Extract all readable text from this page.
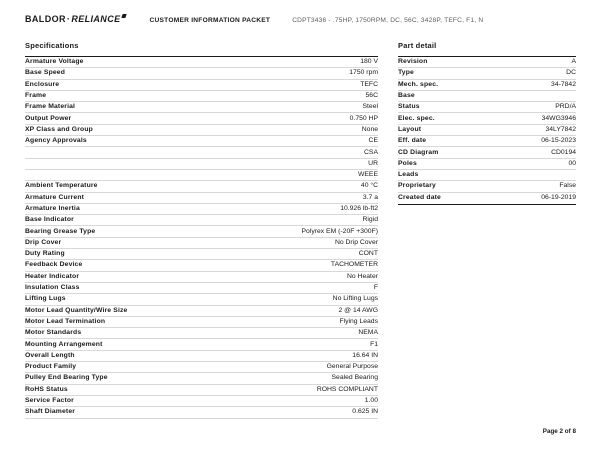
BALDOR · RELIANCE	CUSTOMER INFORMATION PACKET	CDPT3436 - .75HP, 1750RPM, DC, 56C, 3428P, TEFC, F1, N
Specifications
Armature Voltage	180 V
Base Speed	1750 rpm
Enclosure	TEFC
Frame	56C
Frame Material	Steel
Output Power	0.750 HP
XP Class and Group	None
Agency Approvals	CE
CSA
UR
WEEE
Ambient Temperature	40 °C
Armature Current	3.7 a
Armature Inertia	10.926 lb-ft2
Base Indicator	Rigid
Bearing Grease Type	Polyrex EM (-20F +300F)
Drip Cover	No Drip Cover
Duty Rating	CONT
Feedback Device	TACHOMETER
Heater Indicator	No Heater
Insulation Class	F
Lifting Lugs	No Lifting Lugs
Motor Lead Quantity/Wire Size	2 @ 14 AWG
Motor Lead Termination	Flying Leads
Motor Standards	NEMA
Mounting Arrangement	F1
Overall Length	16.64 IN
Product Family	General Purpose
Pulley End Bearing Type	Sealed Bearing
RoHS Status	ROHS COMPLIANT
Service Factor	1.00
Shaft Diameter	0.625 IN
Part detail
Revision	A
Type	DC
Mech. spec.	34-7842
Base
Status	PRD/A
Elec. spec.	34WG3946
Layout	34LY7842
Eff. date	06-15-2023
CD Diagram	CD0194
Poles	00
Leads
Proprietary	False
Created date	06-19-2019
Page 2 of 8
